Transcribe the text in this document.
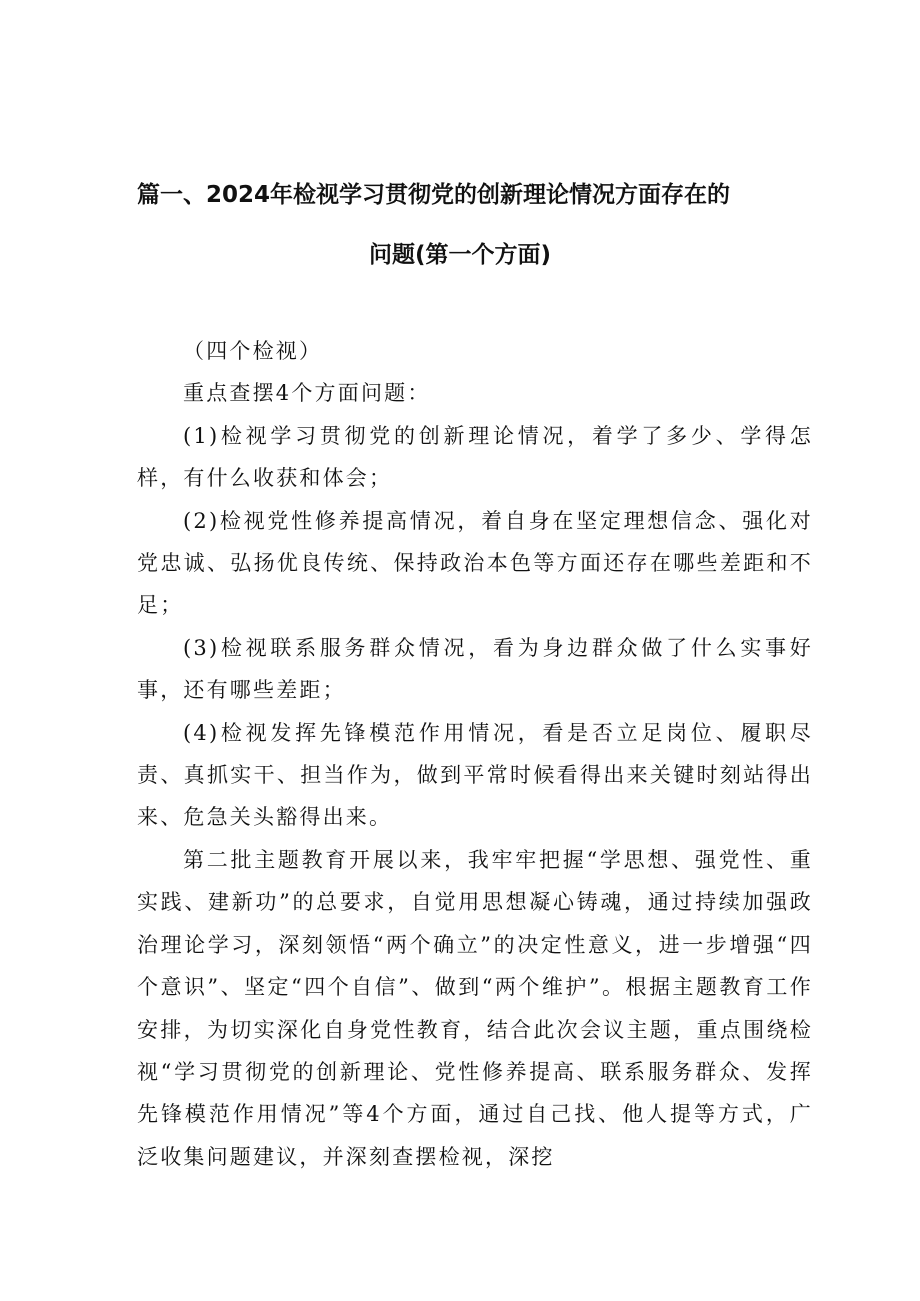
篇一、2024年检视学习贯彻党的创新理论情况方面存在的
问题(第一个方面)

（四个检视）

重点查摆4个方面问题：

(1)检视学习贯彻党的创新理论情况，着学了多少、学得怎样，有什么收获和体会；

(2)检视党性修养提高情况，着自身在坚定理想信念、强化对党忠诚、弘扬优良传统、保持政治本色等方面还存在哪些差距和不足；

(3)检视联系服务群众情况，看为身边群众做了什么实事好事，还有哪些差距；

(4)检视发挥先锋模范作用情况，看是否立足岗位、履职尽责、真抓实干、担当作为，做到平常时候看得出来关键时刻站得出来、危急关头豁得出来。

第二批主题教育开展以来，我牢牢把握“学思想、强党性、重实践、建新功”的总要求，自觉用思想凝心铸魂，通过持续加强政治理论学习，深刻领悟“两个确立”的决定性意义，进一步增强“四个意识”、坚定“四个自信”、做到“两个维护”。根据主题教育工作安排，为切实深化自身党性教育，结合此次会议主题，重点围绕检视“学习贯彻党的创新理论、党性修养提高、联系服务群众、发挥先锋模范作用情况”等4个方面，通过自己找、他人提等方式，广泛收集问题建议，并深刻查摆检视，深挖
